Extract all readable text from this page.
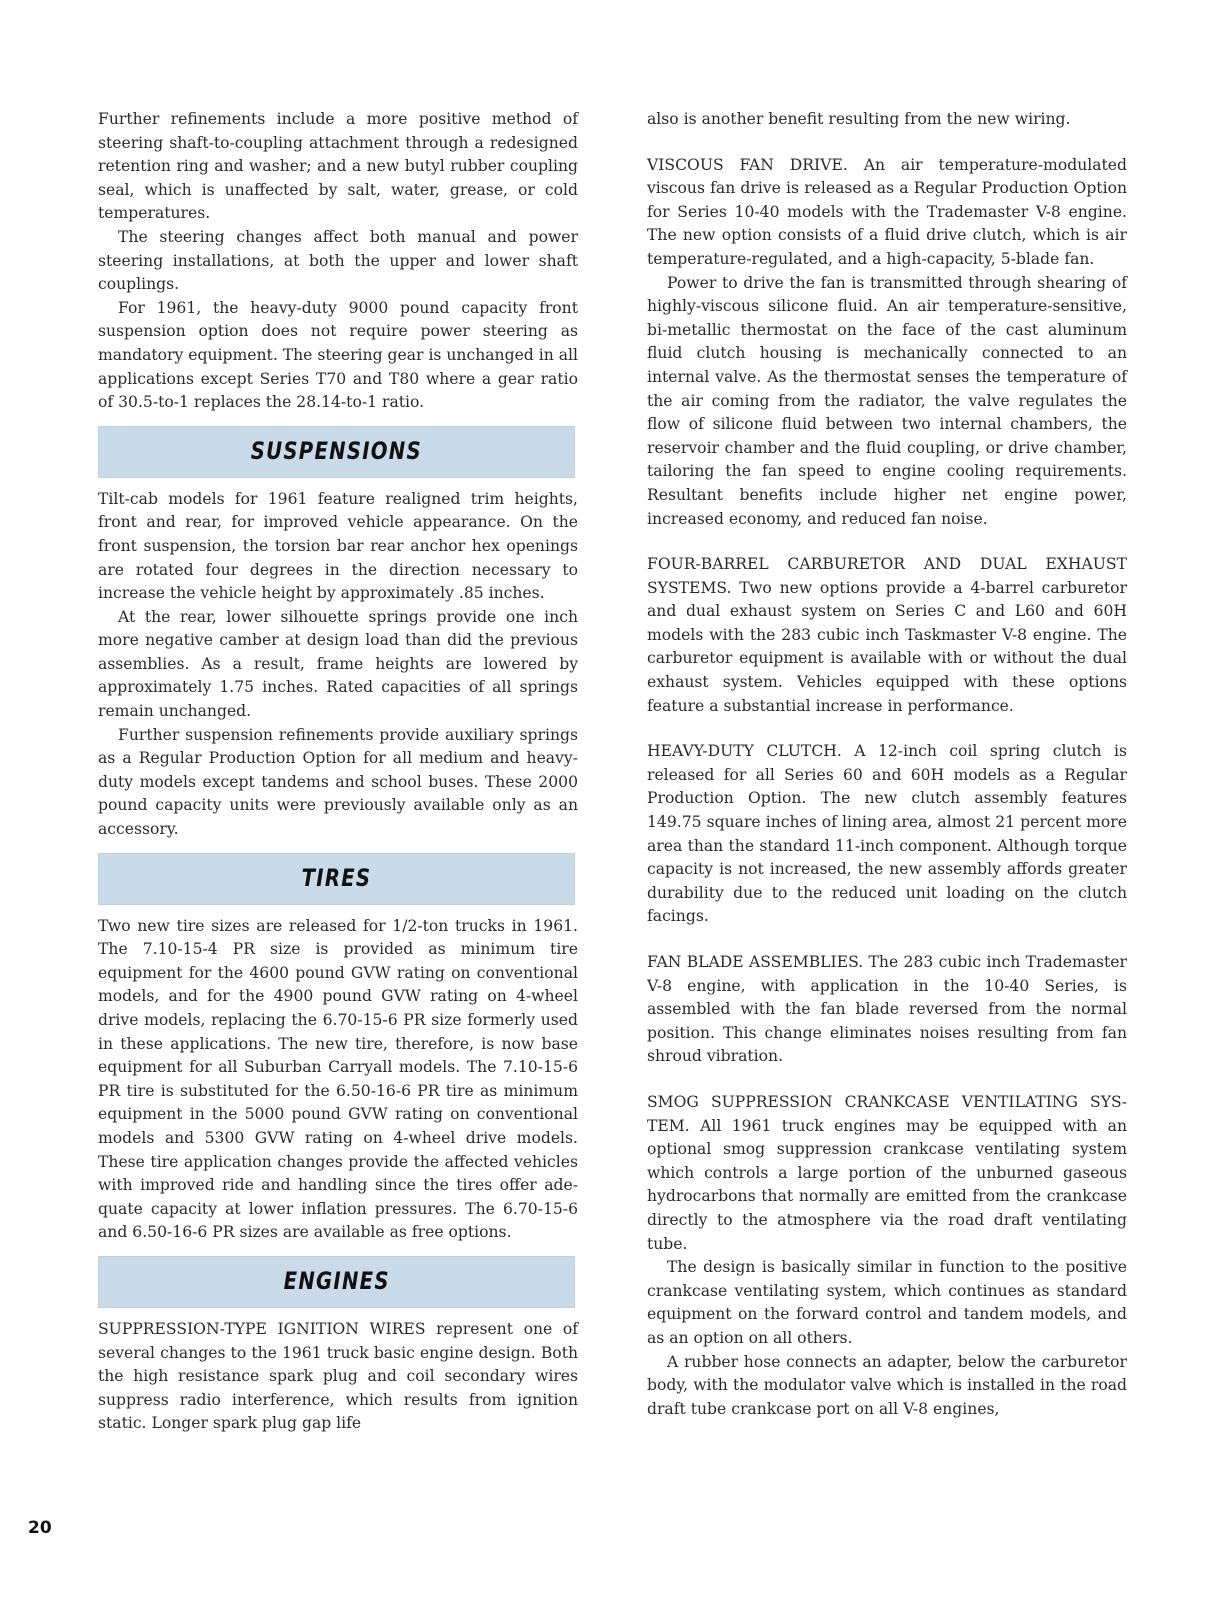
Further refinements include a more positive method of steering shaft-to-coupling attachment through a redesigned retention ring and washer; and a new butyl rubber coupling seal, which is unaffected by salt, water, grease, or cold temperatures.

The steering changes affect both manual and power steering installations, at both the upper and lower shaft couplings.

For 1961, the heavy-duty 9000 pound capacity front suspension option does not require power steering as mandatory equipment. The steering gear is unchanged in all applications except Series T70 and T80 where a gear ratio of 30.5-to-1 replaces the 28.14-to-1 ratio.

SUSPENSIONS

Tilt-cab models for 1961 feature realigned trim heights, front and rear, for improved vehicle appearance. On the front suspension, the torsion bar rear anchor hex openings are rotated four degrees in the direction necessary to increase the vehicle height by approximately .85 inches.

At the rear, lower silhouette springs provide one inch more negative camber at design load than did the previous assemblies. As a result, frame heights are lowered by approximately 1.75 inches. Rated capacities of all springs remain unchanged.

Further suspension refinements provide auxiliary springs as a Regular Production Option for all medium and heavy-duty models except tandems and school buses. These 2000 pound capacity units were previously available only as an accessory.

TIRES

Two new tire sizes are released for 1/2-ton trucks in 1961. The 7.10-15-4 PR size is provided as minimum tire equipment for the 4600 pound GVW rating on conventional models, and for the 4900 pound GVW rating on 4-wheel drive models, replacing the 6.70-15-6 PR size formerly used in these applications. The new tire, therefore, is now base equipment for all Suburban Carryall models. The 7.10-15-6 PR tire is substituted for the 6.50-16-6 PR tire as minimum equipment in the 5000 pound GVW rating on conventional models and 5300 GVW rating on 4-wheel drive models. These tire application changes provide the affected vehicles with improved ride and handling since the tires offer adequate capacity at lower inflation pressures. The 6.70-15-6 and 6.50-16-6 PR sizes are available as free options.

ENGINES

SUPPRESSION-TYPE IGNITION WIRES represent one of several changes to the 1961 truck basic engine design. Both the high resistance spark plug and coil secondary wires suppress radio interference, which results from ignition static. Longer spark plug gap life

also is another benefit resulting from the new wiring.

VISCOUS FAN DRIVE. An air temperature-modulated viscous fan drive is released as a Regular Production Option for Series 10-40 models with the Trademaster V-8 engine. The new option consists of a fluid drive clutch, which is air temperature-regulated, and a high-capacity, 5-blade fan.

Power to drive the fan is transmitted through shearing of highly-viscous silicone fluid. An air temperature-sensitive, bi-metallic thermostat on the face of the cast aluminum fluid clutch housing is mechanically connected to an internal valve. As the thermostat senses the temperature of the air coming from the radiator, the valve regulates the flow of silicone fluid between two internal chambers, the reservoir chamber and the fluid coupling, or drive chamber, tailoring the fan speed to engine cooling requirements. Resultant benefits include higher net engine power, increased economy, and reduced fan noise.

FOUR-BARREL CARBURETOR AND DUAL EXHAUST SYSTEMS. Two new options provide a 4-barrel carburetor and dual exhaust system on Series C and L60 and 60H models with the 283 cubic inch Taskmaster V-8 engine. The carburetor equipment is available with or without the dual exhaust system. Vehicles equipped with these options feature a substantial increase in performance.

HEAVY-DUTY CLUTCH. A 12-inch coil spring clutch is released for all Series 60 and 60H models as a Regular Production Option. The new clutch assembly features 149.75 square inches of lining area, almost 21 percent more area than the standard 11-inch component. Although torque capacity is not increased, the new assembly affords greater durability due to the reduced unit loading on the clutch facings.

FAN BLADE ASSEMBLIES. The 283 cubic inch Trademaster V-8 engine, with application in the 10-40 Series, is assembled with the fan blade reversed from the normal position. This change eliminates noises resulting from fan shroud vibration.

SMOG SUPPRESSION CRANKCASE VENTILATING SYSTEM. All 1961 truck engines may be equipped with an optional smog suppression crankcase ventilating system which controls a large portion of the unburned gaseous hydrocarbons that normally are emitted from the crankcase directly to the atmosphere via the road draft ventilating tube.

The design is basically similar in function to the positive crankcase ventilating system, which continues as standard equipment on the forward control and tandem models, and as an option on all others.

A rubber hose connects an adapter, below the carburetor body, with the modulator valve which is installed in the road draft tube crankcase port on all V-8 engines,

20
